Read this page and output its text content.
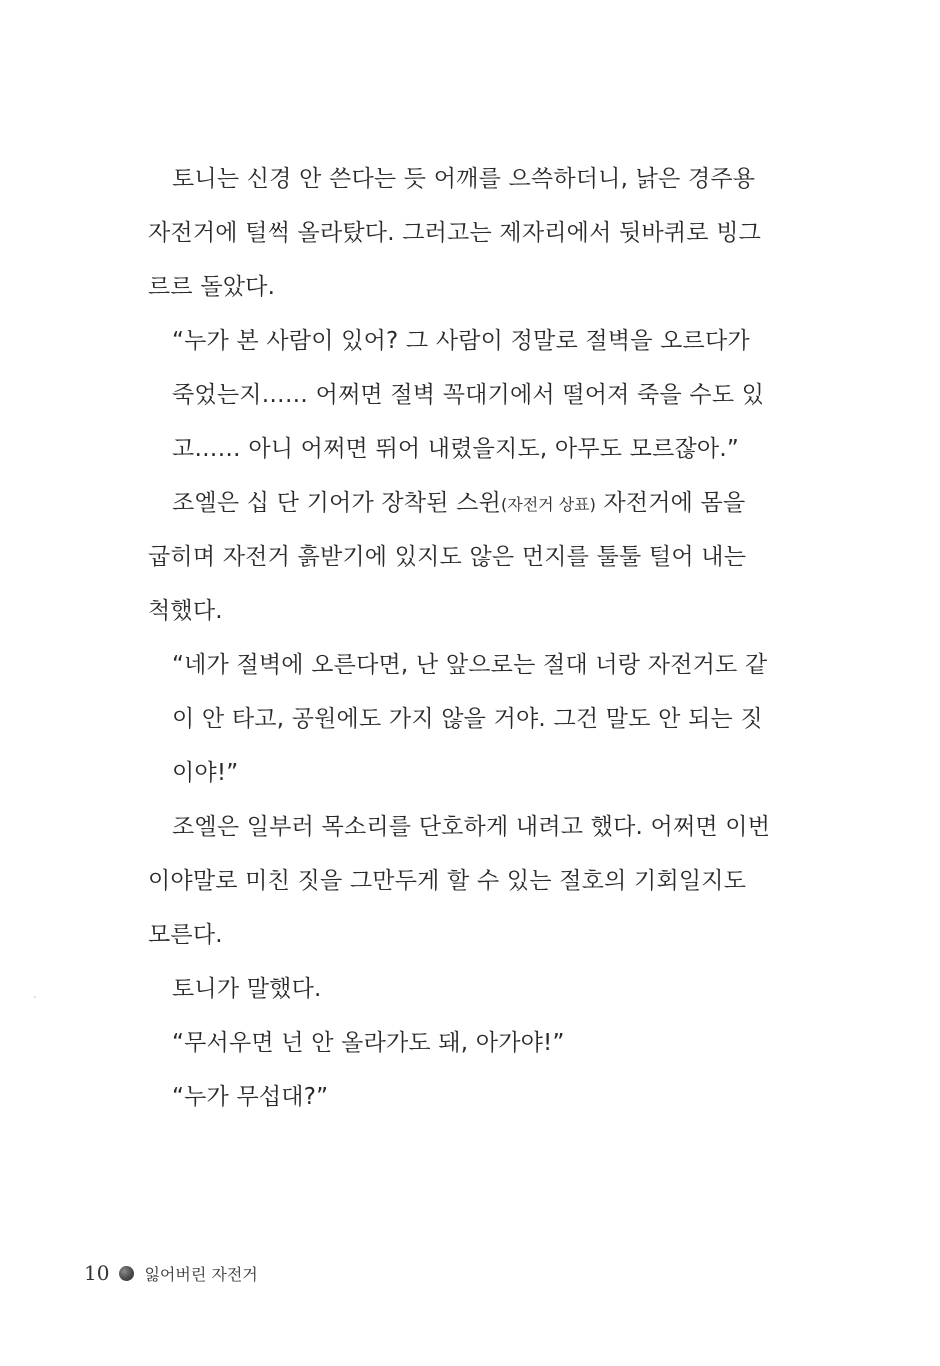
토니는 신경 안 쓴다는 듯 어깨를 으쓱하더니, 낡은 경주용
자전거에 털썩 올라탔다. 그러고는 제자리에서 뒷바퀴로 빙그
르르 돌았다.
“누가 본 사람이 있어? 그 사람이 정말로 절벽을 오르다가
죽었는지…… 어쩌면 절벽 꼭대기에서 떨어져 죽을 수도 있
고…… 아니 어쩌면 뛰어 내렸을지도, 아무도 모르잖아.”
조엘은 십 단 기어가 장착된 스윈(자전거 상표) 자전거에 몸을
굽히며 자전거 흙받기에 있지도 않은 먼지를 툴툴 털어 내는
척했다.
“네가 절벽에 오른다면, 난 앞으로는 절대 너랑 자전거도 같
이 안 타고, 공원에도 가지 않을 거야. 그건 말도 안 되는 짓
이야!”
조엘은 일부러 목소리를 단호하게 내려고 했다. 어쩌면 이번
이야말로 미친 짓을 그만두게 할 수 있는 절호의 기회일지도
모른다.
토니가 말했다.
“무서우면 넌 안 올라가도 돼, 아가야!”
“누가 무섭대?”
10 잃어버린 자전거
